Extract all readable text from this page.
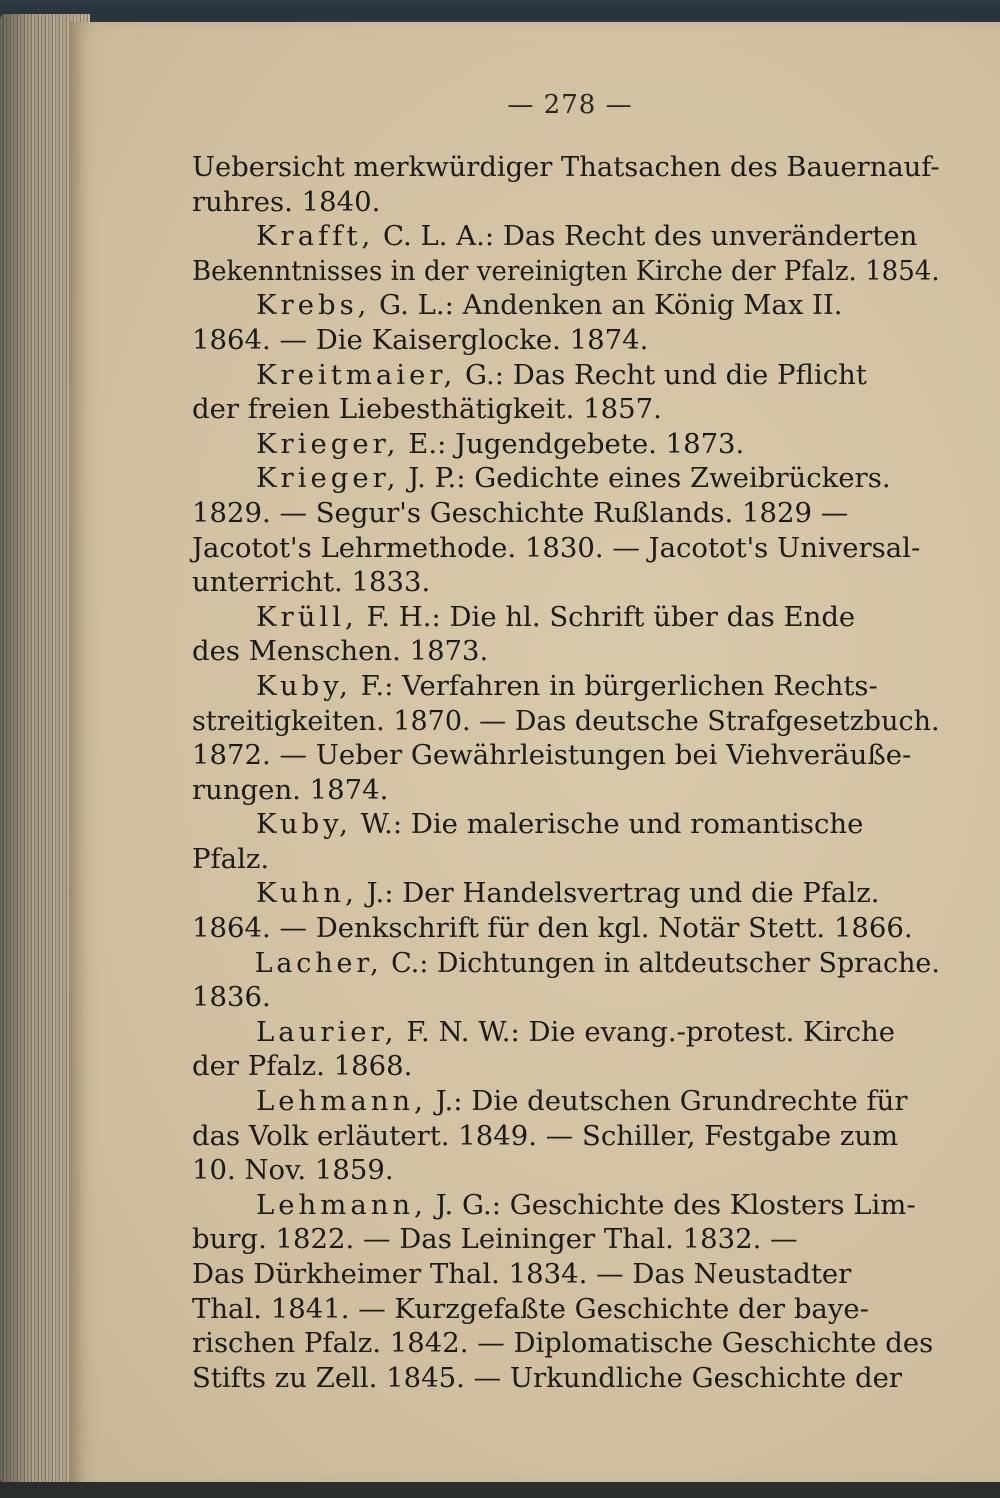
— 278 —
Uebersicht merkwürdiger Thatsachen des Bauernauf-
ruhres. 1840.
Krafft, C. L. A.: Das Recht des unveränderten
Bekenntnisses in der vereinigten Kirche der Pfalz. 1854.
Krebs, G. L.: Andenken an König Max II.
1864. — Die Kaiserglocke. 1874.
Kreitmaier, G.: Das Recht und die Pflicht
der freien Liebesthätigkeit. 1857.
Krieger, E.: Jugendgebete. 1873.
Krieger, J. P.: Gedichte eines Zweibrückers.
1829. — Segur's Geschichte Rußlands. 1829 —
Jacotot's Lehrmethode. 1830. — Jacotot's Universal-
unterricht. 1833.
Krüll, F. H.: Die hl. Schrift über das Ende
des Menschen. 1873.
Kuby, F.: Verfahren in bürgerlichen Rechts-
streitigkeiten. 1870. — Das deutsche Strafgesetzbuch.
1872. — Ueber Gewährleistungen bei Viehveräuße-
rungen. 1874.
Kuby, W.: Die malerische und romantische
Pfalz.
Kuhn, J.: Der Handelsvertrag und die Pfalz.
1864. — Denkschrift für den kgl. Notär Stett. 1866.
Lacher, C.: Dichtungen in altdeutscher Sprache.
1836.
Laurier, F. N. W.: Die evang.-protest. Kirche
der Pfalz. 1868.
Lehmann, J.: Die deutschen Grundrechte für
das Volk erläutert. 1849. — Schiller, Festgabe zum
10. Nov. 1859.
Lehmann, J. G.: Geschichte des Klosters Lim-
burg. 1822. — Das Leininger Thal. 1832. —
Das Dürkheimer Thal. 1834. — Das Neustadter
Thal. 1841. — Kurzgefaßte Geschichte der baye-
rischen Pfalz. 1842. — Diplomatische Geschichte des
Stifts zu Zell. 1845. — Urkundliche Geschichte der
